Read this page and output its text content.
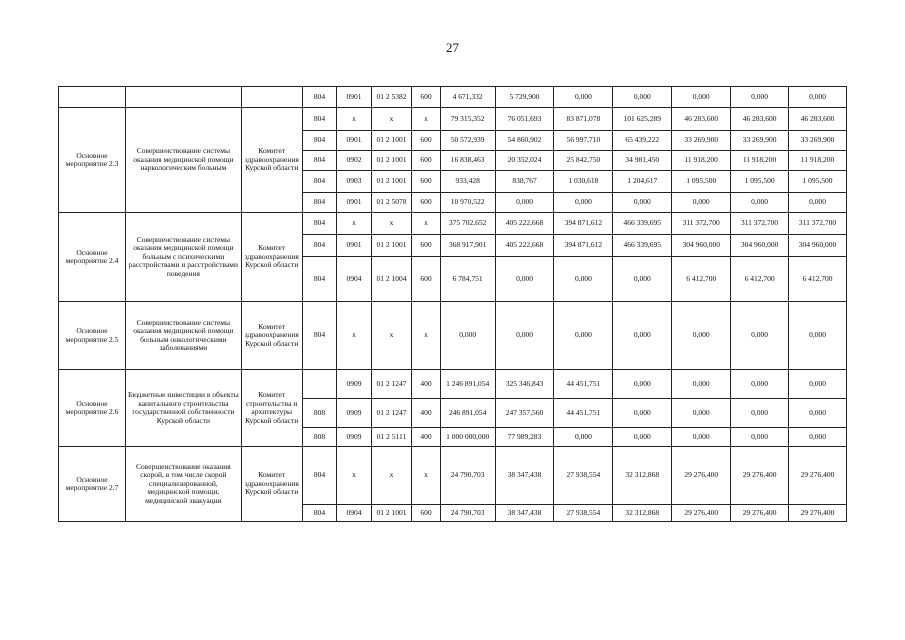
27
			804	0901	01 2 5382	600	4 671,332	5 729,900	0,000	0,000	0,000	0,000	0,000
Основное мероприятие 2.3	Совершенствование системы оказания медицинской помощи наркологическим больным	Комитет здравоохранения Курской области	804	х	х	х	79 315,352	76 051,693	83 871,078	101 625,289	46 283,600	46 283,600	46 283,600
			804	0901	01 2 1001	600	50 572,939	54 860,902	56 997,710	65 439,222	33 269,900	33 269,900	33 269,900
			804	0902	01 2 1001	600	16 838,463	20 352,024	25 842,750	34 981,450	11 918,200	11 918,200	11 918,200
			804	0903	01 2 1001	600	933,428	838,767	1 030,618	1 204,617	1 095,500	1 095,500	1 095,500
			804	0901	01 2 5078	600	10 970,522	0,000	0,000	0,000	0,000	0,000	0,000
Основное мероприятие 2.4	Совершенствование системы оказания медицинской помощи больным с психическими расстройствами и расстройствами поведения	Комитет здравоохранения Курской области	804	х	х	х	375 702,652	405 222,668	394 871,612	466 339,695	311 372,700	311 372,700	311 372,700
			804	0901	01 2 1001	600	368 917,901	405 222,668	394 871,612	466 339,695	304 960,000	304 960,000	304 960,000
			804	0904	01 2 1004	600	6 784,751	0,000	0,000	0,000	6 412,700	6 412,700	6 412,700
Основное мероприятие 2.5	Совершенствование системы оказания медицинской помощи больным онкологическими заболеваниями	Комитет здравоохранения Курской области	804	х	х	х	0,000	0,000	0,000	0,000	0,000	0,000	0,000
Основное мероприятие 2.6	Бюджетные инвестиции в объекты капитального строительства государственной собственности Курской области	Комитет строительства и архитектуры Курской области		0909	01 2 1247	400	1 246 891,054	325 346,843	44 451,751	0,000	0,000	0,000	0,000
			808	0909	01 2 1247	400	246 891,054	247 357,560	44 451,751	0,000	0,000	0,000	0,000
			808	0909	01 2 5111	400	1 000 000,000	77 989,283	0,000	0,000	0,000	0,000	0,000
Основное мероприятие 2.7	Совершенствование оказания скорой, в том числе скорой специализированной, медицинской помощи, медицинской эвакуации	Комитет здравоохранения Курской области	804	х	х	х	24 790,703	38 347,438	27 938,554	32 312,868	29 276,400	29 276,400	29 276,400
			804	0904	01 2 1001	600	24 790,703	38 347,438	27 938,554	32 312,868	29 276,400	29 276,400	29 276,400
